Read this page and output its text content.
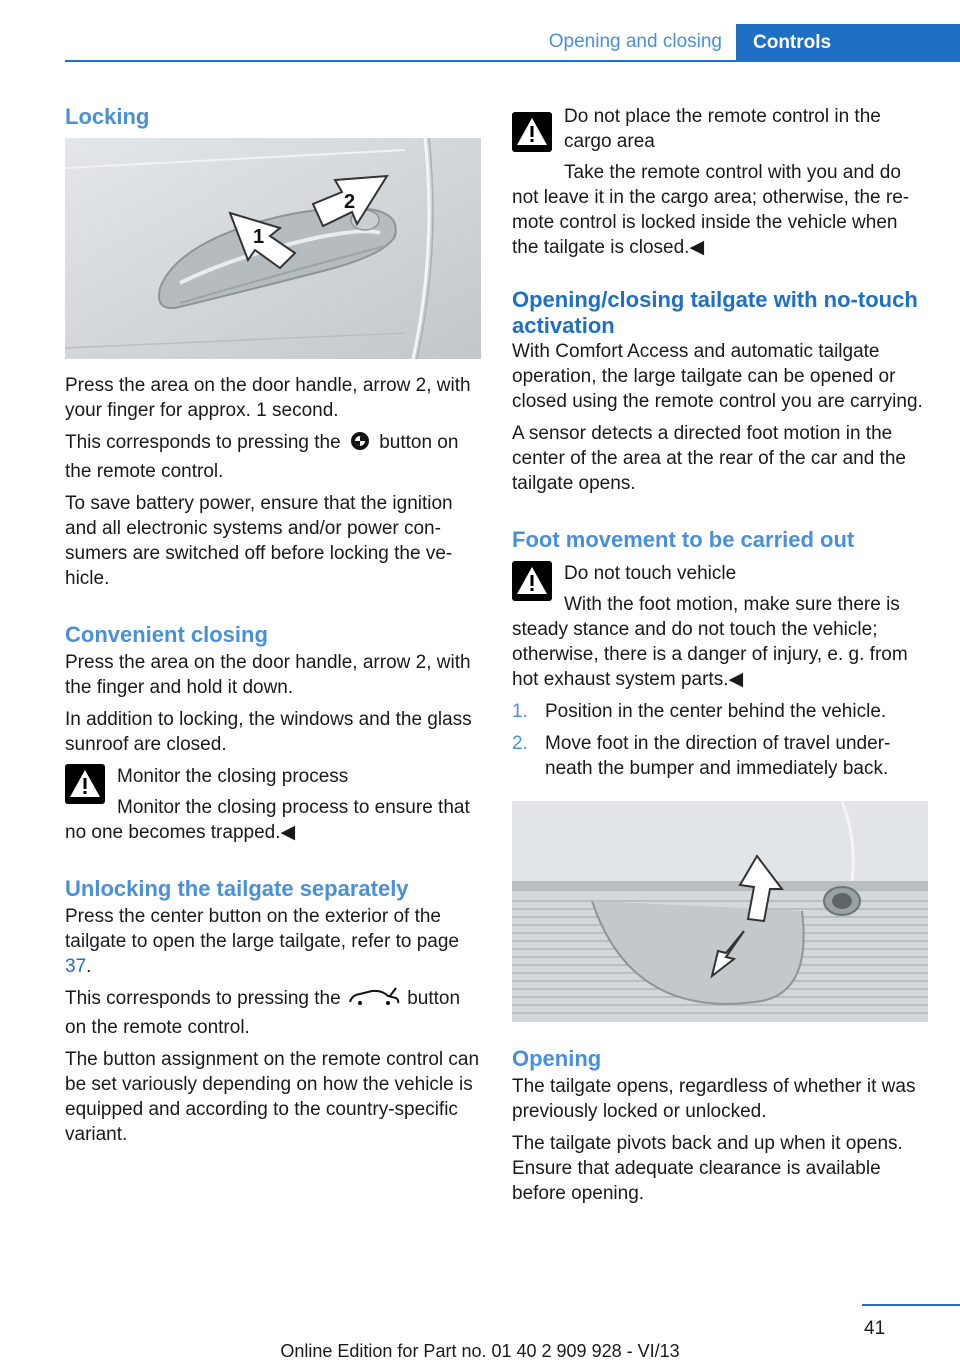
Opening and closing	Controls
Locking
1
2

Press the area on the door handle, arrow 2, with your finger for approx. 1 second.

This corresponds to pressing the button on the remote control.

To save battery power, ensure that the ignition and all electronic systems and/or power consumers are switched off before locking the vehicle.

Convenient closing

Press the area on the door handle, arrow 2, with the finger and hold it down.

In addition to locking, the windows and the glass sunroof are closed.

Monitor the closing process
Monitor the closing process to ensure that no one becomes trapped.◀
Unlocking the tailgate separately

Press the center button on the exterior of the tailgate to open the large tailgate, refer to page 37.

This corresponds to pressing the	button on the remote control.

The button assignment on the remote control can be set variously depending on how the vehicle is equipped and according to the country-specific variant.

Do not place the remote control in the cargo area
Take the remote control with you and do not leave it in the cargo area; otherwise, the remote control is locked inside the vehicle when the tailgate is closed.◀
Opening/closing tailgate with no-touch activation

With Comfort Access and automatic tailgate operation, the large tailgate can be opened or closed using the remote control you are carrying.

A sensor detects a directed foot motion in the center of the area at the rear of the car and the tailgate opens.

Foot movement to be carried out
Do not touch vehicle
With the foot motion, make sure there is steady stance and do not touch the vehicle; otherwise, there is a danger of injury, e. g. from hot exhaust system parts.◀
1. Position in the center behind the vehicle.
2. Move foot in the direction of travel underneath the bumper and immediately back.
Opening

The tailgate opens, regardless of whether it was previously locked or unlocked.

The tailgate pivots back and up when it opens. Ensure that adequate clearance is available before opening.

41
Online Edition for Part no. 01 40 2 909 928 - VI/13
